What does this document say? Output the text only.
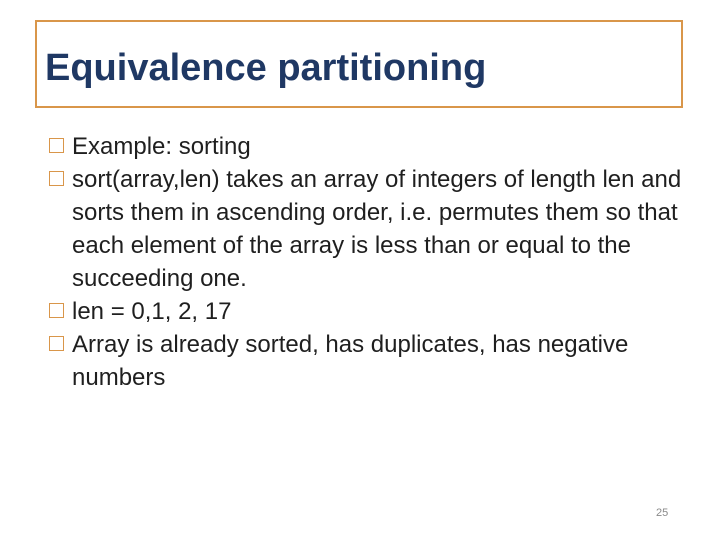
Equivalence partitioning
Example: sorting
sort(array,len) takes an array of integers of length len and sorts them in ascending order, i.e. permutes them so that each element of the array is less than or equal to the succeeding one.
len = 0,1, 2, 17
Array is already sorted, has duplicates, has negative numbers
25
